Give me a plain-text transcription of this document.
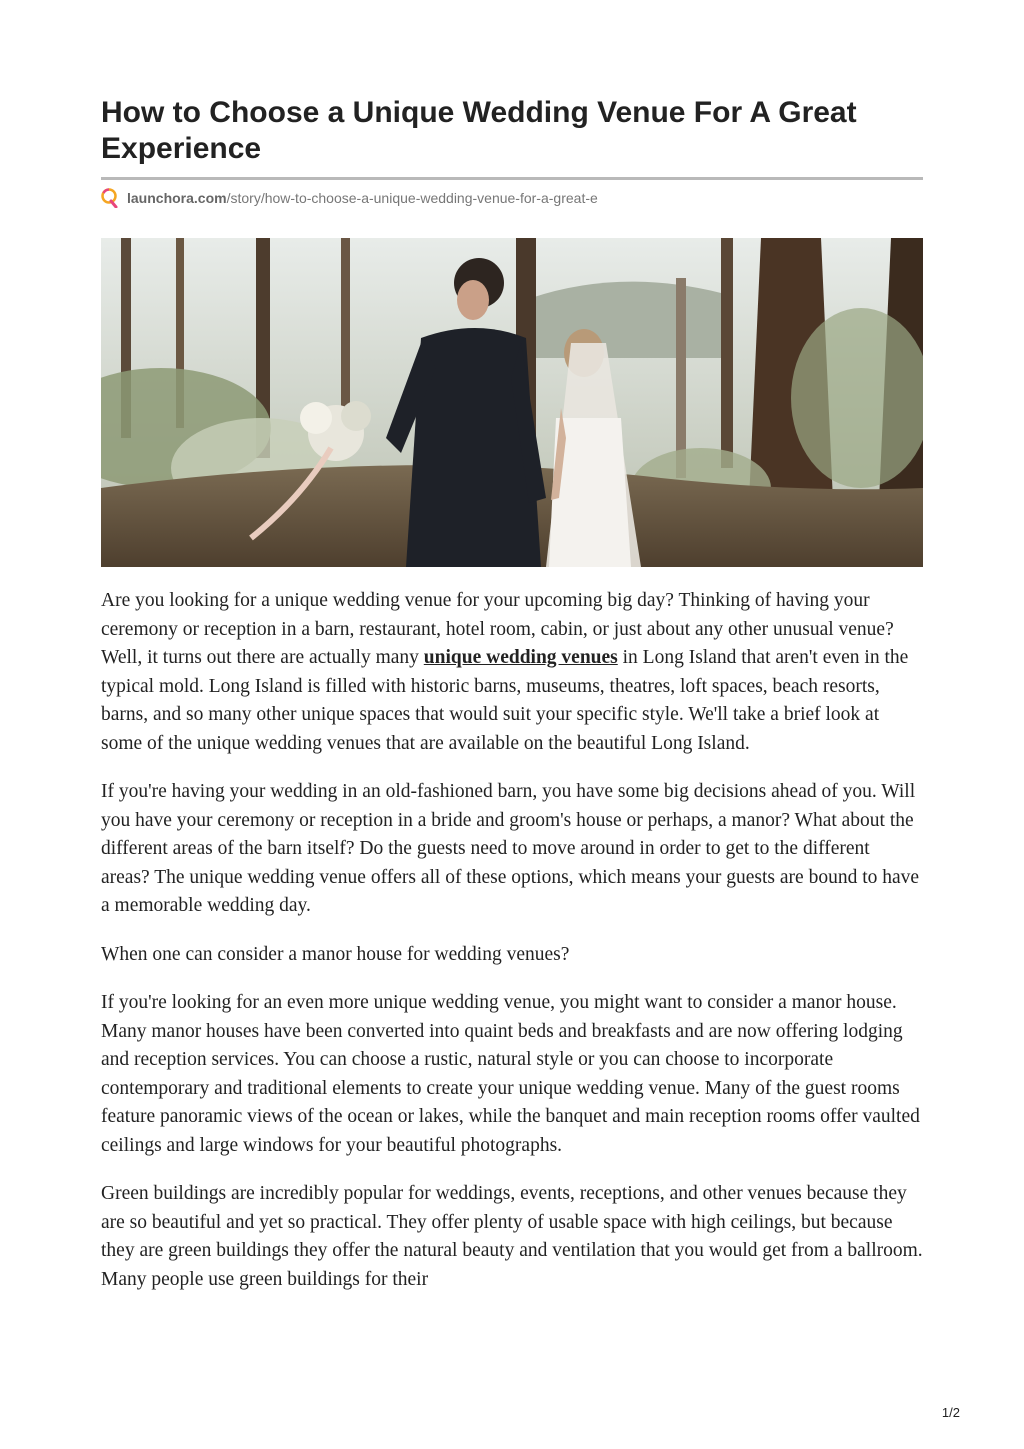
How to Choose a Unique Wedding Venue For A Great Experience
launchora.com /story/how-to-choose-a-unique-wedding-venue-for-a-great-e

Are you looking for a unique wedding venue for your upcoming big day? Thinking of having your ceremony or reception in a barn, restaurant, hotel room, cabin, or just about any other unusual venue? Well, it turns out there are actually many unique wedding venues in Long Island that aren't even in the typical mold. Long Island is filled with historic barns, museums, theatres, loft spaces, beach resorts, barns, and so many other unique spaces that would suit your specific style. We'll take a brief look at some of the unique wedding venues that are available on the beautiful Long Island.

If you're having your wedding in an old-fashioned barn, you have some big decisions ahead of you. Will you have your ceremony or reception in a bride and groom's house or perhaps, a manor? What about the different areas of the barn itself? Do the guests need to move around in order to get to the different areas? The unique wedding venue offers all of these options, which means your guests are bound to have a memorable wedding day.

When one can consider a manor house for wedding venues?

If you're looking for an even more unique wedding venue, you might want to consider a manor house. Many manor houses have been converted into quaint beds and breakfasts and are now offering lodging and reception services. You can choose a rustic, natural style or you can choose to incorporate contemporary and traditional elements to create your unique wedding venue. Many of the guest rooms feature panoramic views of the ocean or lakes, while the banquet and main reception rooms offer vaulted ceilings and large windows for your beautiful photographs.

Green buildings are incredibly popular for weddings, events, receptions, and other venues because they are so beautiful and yet so practical. They offer plenty of usable space with high ceilings, but because they are green buildings they offer the natural beauty and ventilation that you would get from a ballroom. Many people use green buildings for their

1/2
